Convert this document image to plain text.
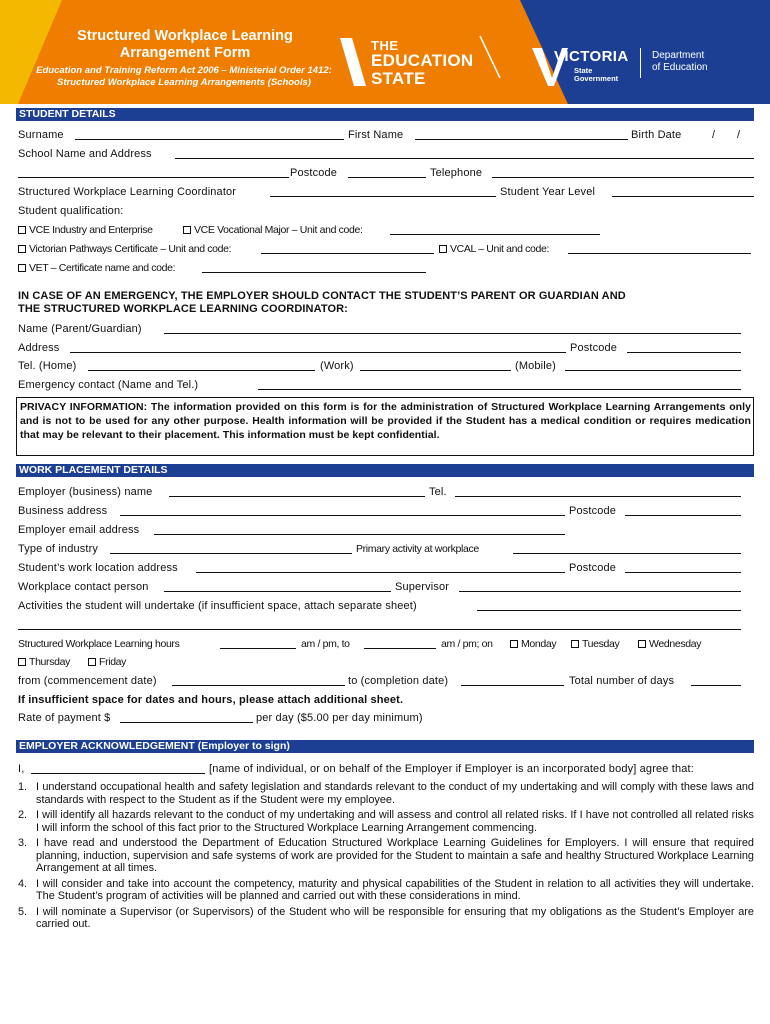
Structured Workplace Learning
Arrangement Form
Education and Training Reform Act 2006 – Ministerial Order 1412:
Structured Workplace Learning Arrangements (Schools)
THE
EDUCATION
STATE
VICTORIA
State
Government
Department
of Education
STUDENT DETAILS
Surname	First Name	Birth Date	/ /
School Name and Address
Postcode	Telephone
Structured Workplace Learning Coordinator	Student Year Level
Student qualification:
VCE Industry and Enterprise	VCE Vocational Major – Unit and code:
Victorian Pathways Certificate – Unit and code:	VCAL – Unit and code:
VET – Certificate name and code:
IN CASE OF AN EMERGENCY, THE EMPLOYER SHOULD CONTACT THE STUDENT’S PARENT OR GUARDIAN AND
THE STRUCTURED WORKPLACE LEARNING COORDINATOR:
Name (Parent/Guardian)
Address	Postcode
Tel. (Home)	(Work)	(Mobile)
Emergency contact (Name and Tel.)
PRIVACY INFORMATION: The information provided on this form is for the administration of Structured Workplace Learning Arrangements only and is not to be used for any other purpose. Health information will be provided if the Student has a medical condition or requires medication that may be relevant to their placement. This information must be kept confidential.
WORK PLACEMENT DETAILS
Employer (business) name	Tel.
Business address	Postcode
Employer email address
Type of industry	Primary activity at workplace
Student’s work location address	Postcode
Workplace contact person	Supervisor
Activities the student will undertake (if insufficient space, attach separate sheet)
Structured Workplace Learning hours	am / pm, to	am / pm; on	Monday	Tuesday	Wednesday
Thursday	Friday
from (commencement date)	to (completion date)	Total number of days
If insufficient space for dates and hours, please attach additional sheet.
Rate of payment $	per day ($5.00 per day minimum)
EMPLOYER ACKNOWLEDGEMENT (Employer to sign)
I,	[name of individual, or on behalf of the Employer if Employer is an incorporated body] agree that:
1. I understand occupational health and safety legislation and standards relevant to the conduct of my undertaking and will comply with these laws and standards with respect to the Student as if the Student were my employee.
2. I will identify all hazards relevant to the conduct of my undertaking and will assess and control all related risks. If I have not controlled all related risks I will inform the school of this fact prior to the Structured Workplace Learning Arrangement commencing.
3. I have read and understood the Department of Education Structured Workplace Learning Guidelines for Employers. I will ensure that required planning, induction, supervision and safe systems of work are provided for the Student to maintain a safe and healthy Structured Workplace Learning Arrangement at all times.
4. I will consider and take into account the competency, maturity and physical capabilities of the Student in relation to all activities they will undertake. The Student’s program of activities will be planned and carried out with these considerations in mind.
5. I will nominate a Supervisor (or Supervisors) of the Student who will be responsible for ensuring that my obligations as the Student’s Employer are carried out.
